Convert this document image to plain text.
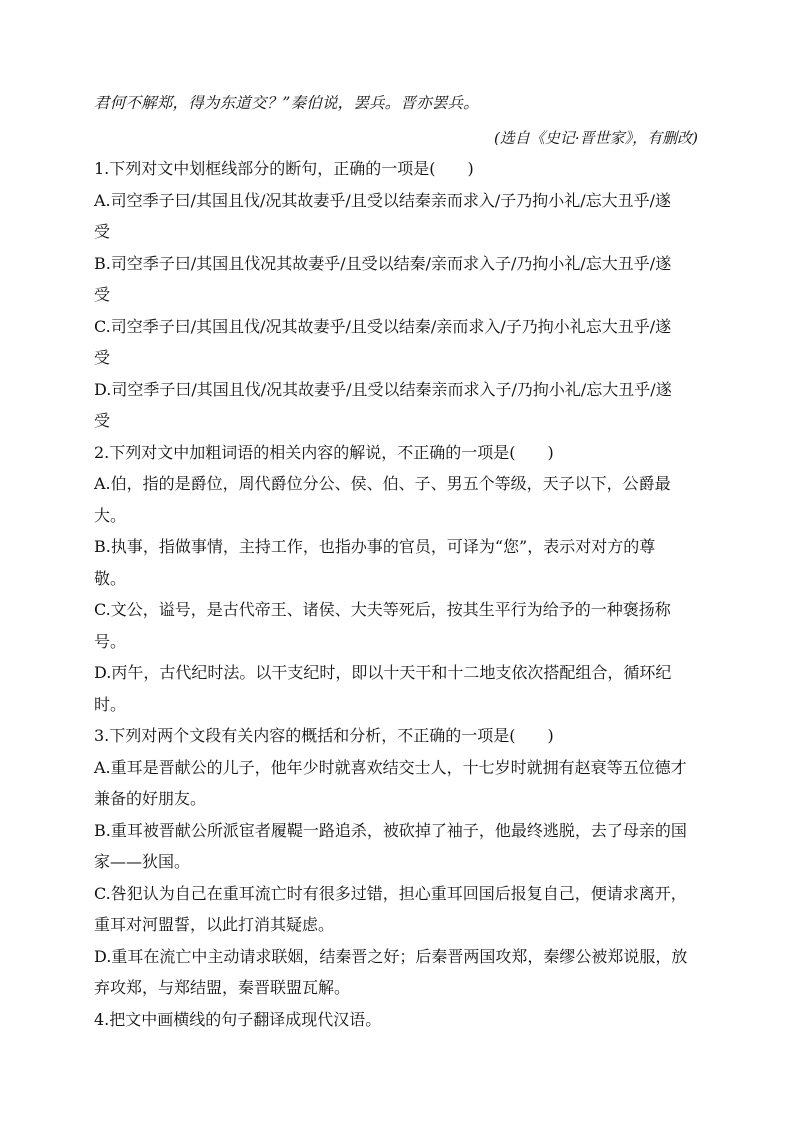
君何不解郑，得为东道交？”秦伯说，罢兵。晋亦罢兵。
(选自《史记·晋世家》，有删改)
1.下列对文中划框线部分的断句，正确的一项是(　　)
A.司空季子曰/其国且伐/况其故妻乎/且受以结秦亲而求入/子乃拘小礼/忘大丑乎/遂
受
B.司空季子曰/其国且伐况其故妻乎/且受以结秦/亲而求入子/乃拘小礼/忘大丑乎/遂
受
C.司空季子曰/其国且伐/况其故妻乎/且受以结秦/亲而求入/子乃拘小礼忘大丑乎/遂
受
D.司空季子曰/其国且伐/况其故妻乎/且受以结秦亲而求入子/乃拘小礼/忘大丑乎/遂
受
2.下列对文中加粗词语的相关内容的解说，不正确的一项是(　　)
A.伯，指的是爵位，周代爵位分公、侯、伯、子、男五个等级，天子以下，公爵最
大。
B.执事，指做事情，主持工作，也指办事的官员，可译为“您”，表示对对方的尊
敬。
C.文公，谥号，是古代帝王、诸侯、大夫等死后，按其生平行为给予的一种褒扬称
号。
D.丙午，古代纪时法。以干支纪时，即以十天干和十二地支依次搭配组合，循环纪
时。
3.下列对两个文段有关内容的概括和分析，不正确的一项是(　　)
A.重耳是晋献公的儿子，他年少时就喜欢结交士人，十七岁时就拥有赵衰等五位德才
兼备的好朋友。
B.重耳被晋献公所派宦者履鞮一路追杀，被砍掉了袖子，他最终逃脱，去了母亲的国
家——狄国。
C.咎犯认为自己在重耳流亡时有很多过错，担心重耳回国后报复自己，便请求离开，
重耳对河盟誓，以此打消其疑虑。
D.重耳在流亡中主动请求联姻，结秦晋之好；后秦晋两国攻郑，秦缪公被郑说服，放
弃攻郑，与郑结盟，秦晋联盟瓦解。
4.把文中画横线的句子翻译成现代汉语。
